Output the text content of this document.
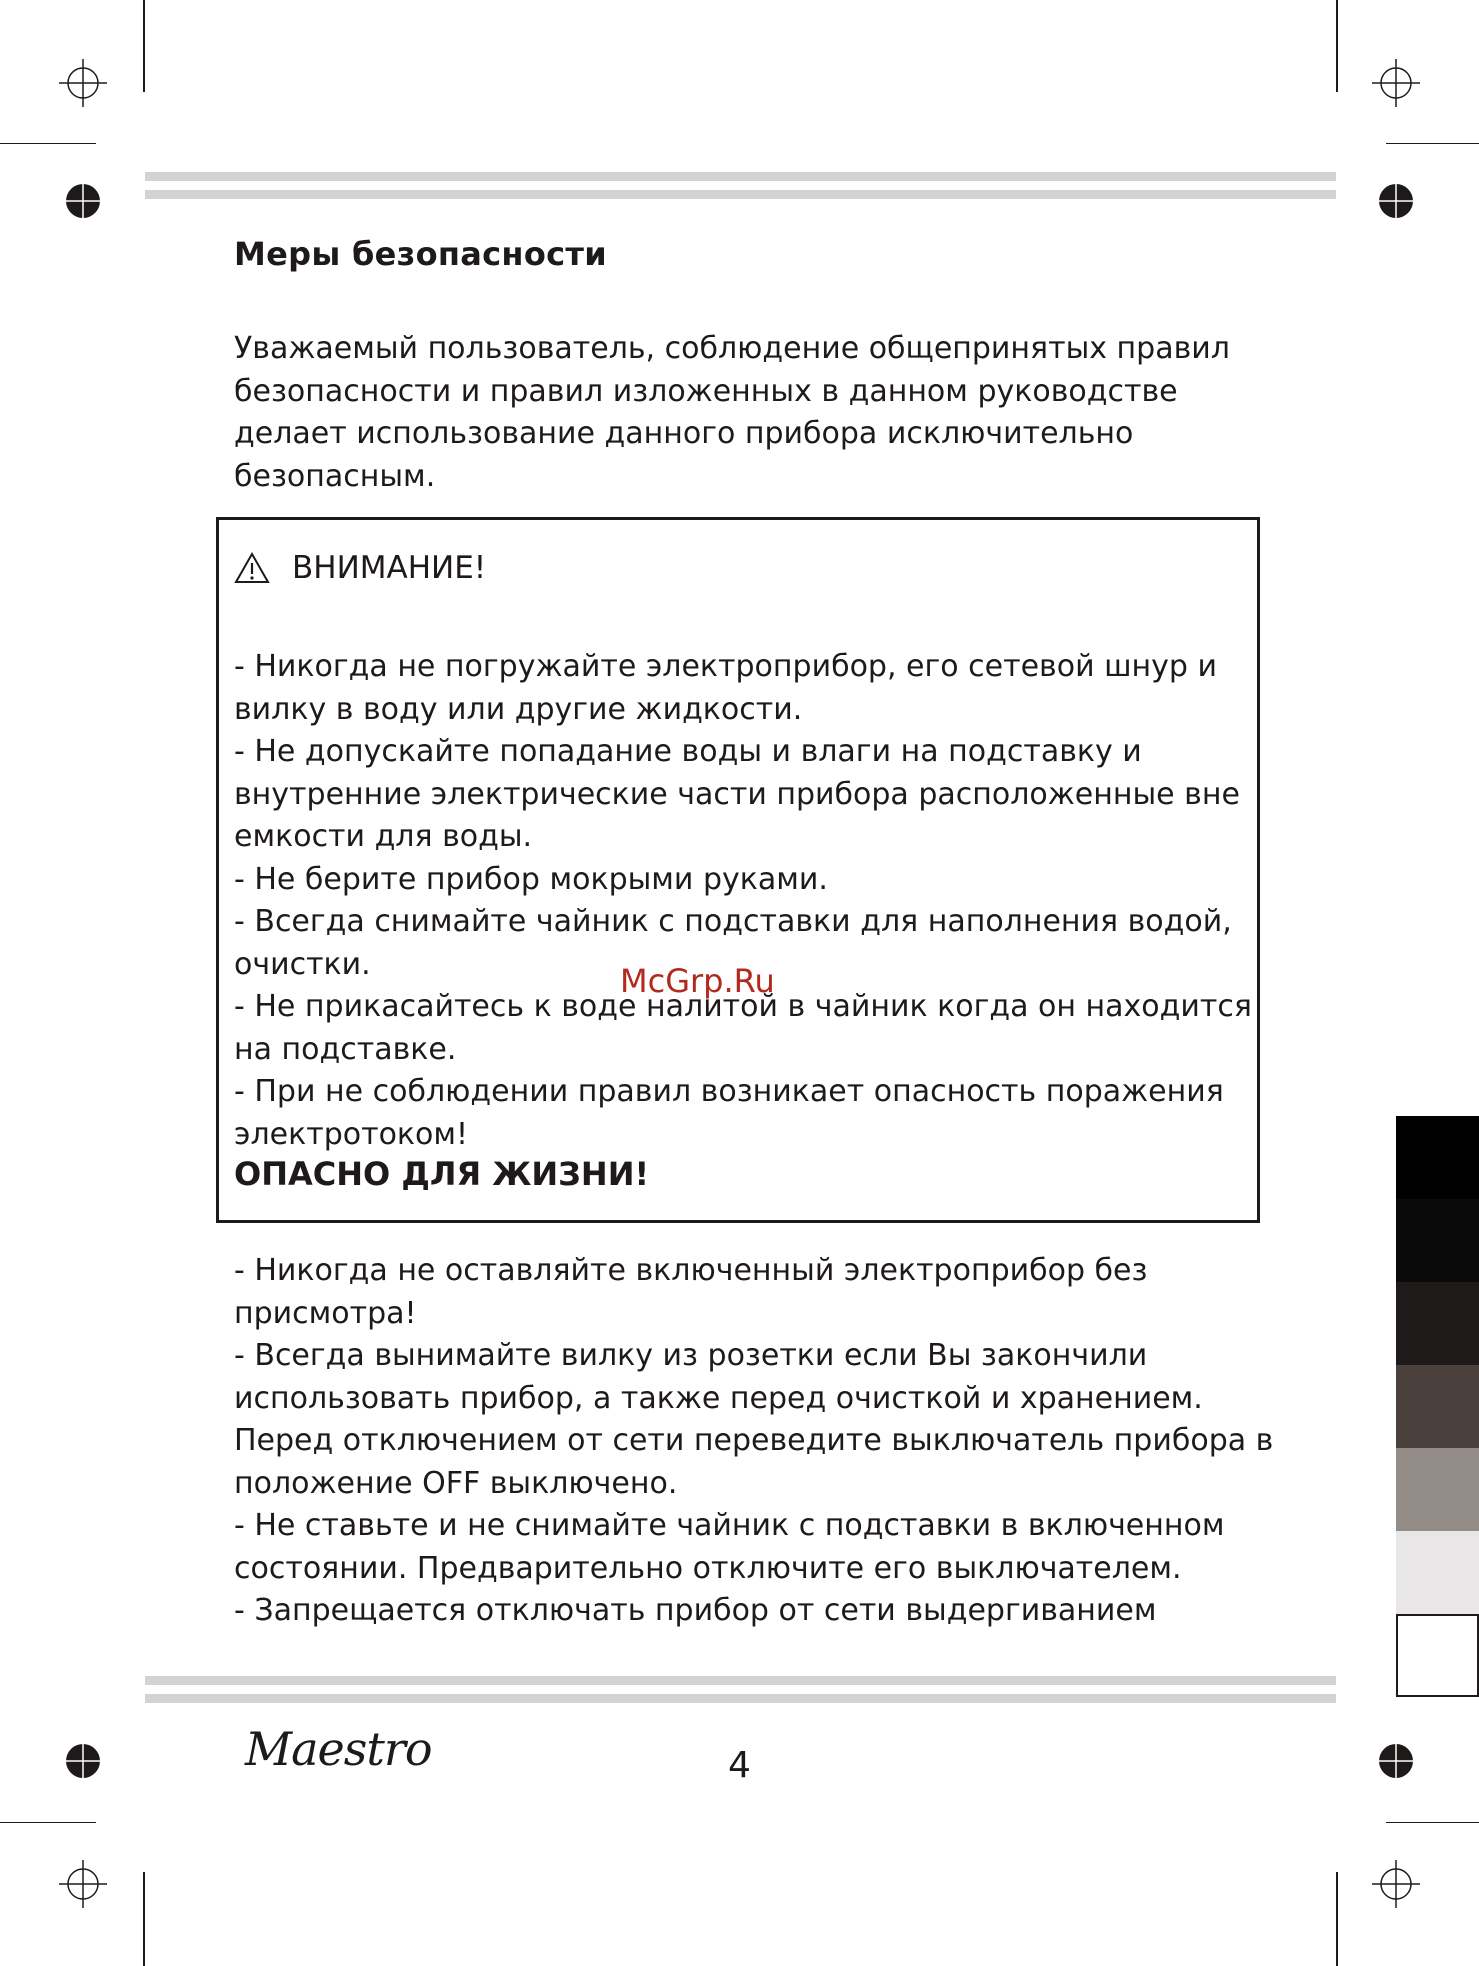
Меры безопасности
Уважаемый пользователь, соблюдение общепринятых правил
безопасности и правил изложенных в данном руководстве
делает использование данного прибора исключительно
безопасным.
ВНИМАНИЕ!
- Никогда не погружайте электроприбор, его сетевой шнур и
вилку в воду или другие жидкости.
- Не допускайте попадание воды и влаги на подставку и
внутренние электрические части прибора расположенные вне
емкости для воды.
- Не берите прибор мокрыми руками.
- Всегда снимайте чайник с подставки для наполнения водой,
очистки.
- Не прикасайтесь к воде налитой в чайник когда он находится
на подставке.
- При не соблюдении правил возникает опасность поражения
электротоком!
ОПАСНО ДЛЯ ЖИЗНИ!
McGrp.Ru
- Никогда не оставляйте включенный электроприбор без
присмотра!
- Всегда вынимайте вилку из розетки если Вы закончили
использовать прибор, а также перед очисткой и хранением.
Перед отключением от сети переведите выключатель прибора в
положение OFF выключено.
- Не ставьте и не снимайте чайник с подставки в включенном
состоянии. Предварительно отключите его выключателем.
- Запрещается отключать прибор от сети выдергиванием
Maestro	4
